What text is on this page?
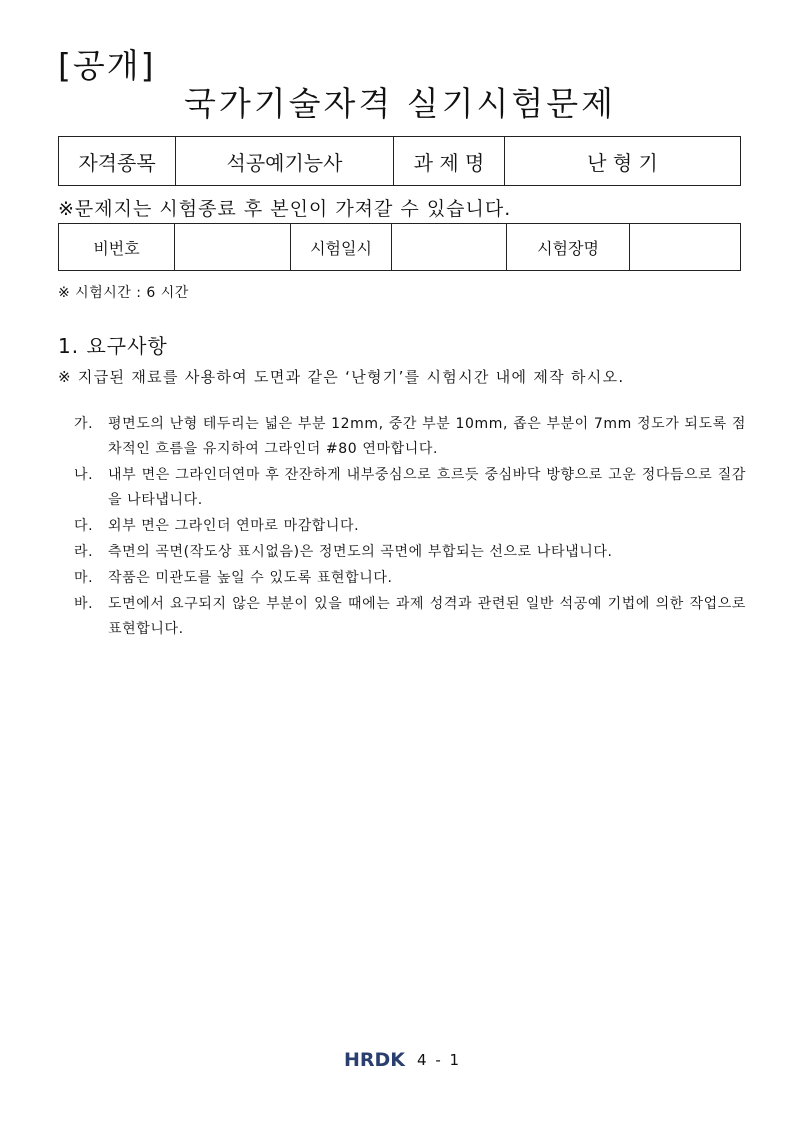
[공개]
국가기술자격 실기시험문제
자격종목	석공예기능사	과 제 명	난 형 기
※문제지는 시험종료 후 본인이 가져갈 수 있습니다.
비번호		시험일시		시험장명	
※ 시험시간 : 6 시간
1. 요구사항
※ 지급된 재료를 사용하여 도면과 같은 ‘난형기’를 시험시간 내에 제작 하시오.
가.	평면도의 난형 테두리는 넓은 부분 12mm, 중간 부분 10mm, 좁은 부분이 7mm 정도가 되도록 점차적인 흐름을 유지하여 그라인더 #80 연마합니다.
나.	내부 면은 그라인더연마 후 잔잔하게 내부중심으로 흐르듯 중심바닥 방향으로 고운 정다듬으로 질감을 나타냅니다.
다.	외부 면은 그라인더 연마로 마감합니다.
라.	측면의 곡면(작도상 표시없음)은 정면도의 곡면에 부합되는 선으로 나타냅니다.
마.	작품은 미관도를 높일 수 있도록 표현합니다.
바.	도면에서 요구되지 않은 부분이 있을 때에는 과제 성격과 관련된 일반 석공예 기법에 의한 작업으로 표현합니다.
HRDK 4 - 1
